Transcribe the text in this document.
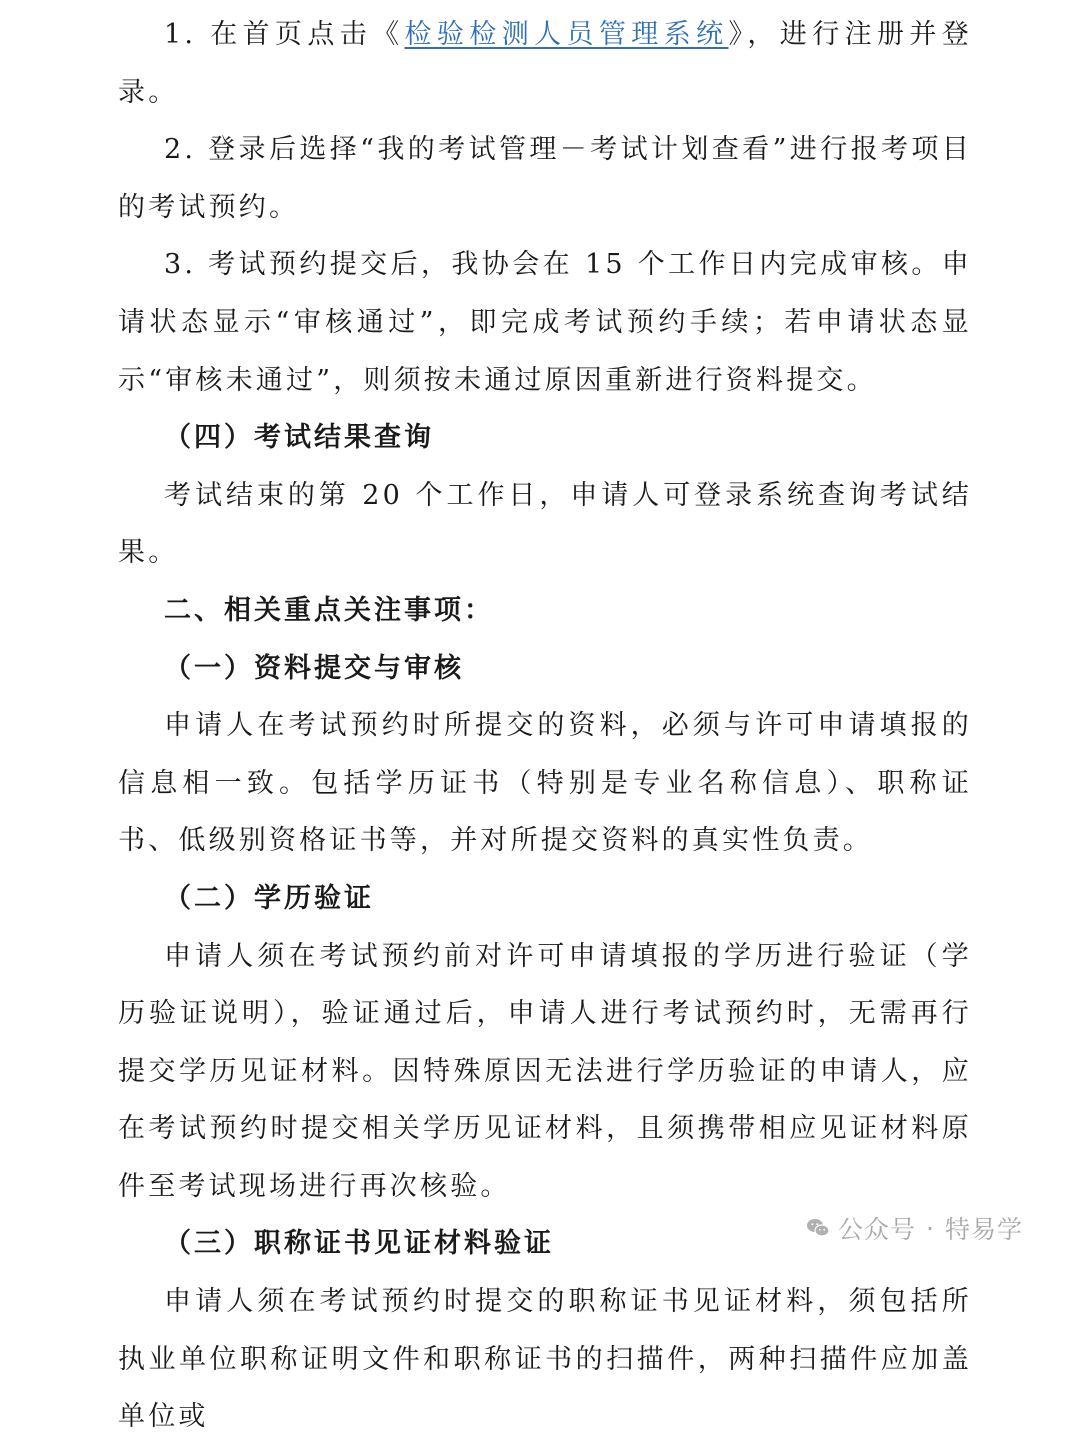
1. 在首页点击《检验检测人员管理系统》，进行注册并登录。

2. 登录后选择“我的考试管理－考试计划查看”进行报考项目的考试预约。

3. 考试预约提交后，我协会在 15 个工作日内完成审核。申请状态显示“审核通过”，即完成考试预约手续；若申请状态显示“审核未通过”，则须按未通过原因重新进行资料提交。

（四）考试结果查询

考试结束的第 20 个工作日，申请人可登录系统查询考试结果。

二、相关重点关注事项：

（一）资料提交与审核

申请人在考试预约时所提交的资料，必须与许可申请填报的信息相一致。包括学历证书（特别是专业名称信息）、职称证书、低级别资格证书等，并对所提交资料的真实性负责。

（二）学历验证

申请人须在考试预约前对许可申请填报的学历进行验证（学历验证说明），验证通过后，申请人进行考试预约时，无需再行提交学历见证材料。因特殊原因无法进行学历验证的申请人，应在考试预约时提交相关学历见证材料，且须携带相应见证材料原件至考试现场进行再次核验。

（三）职称证书见证材料验证

申请人须在考试预约时提交的职称证书见证材料，须包括所执业单位职称证明文件和职称证书的扫描件，两种扫描件应加盖单位或

公众号 · 特易学
